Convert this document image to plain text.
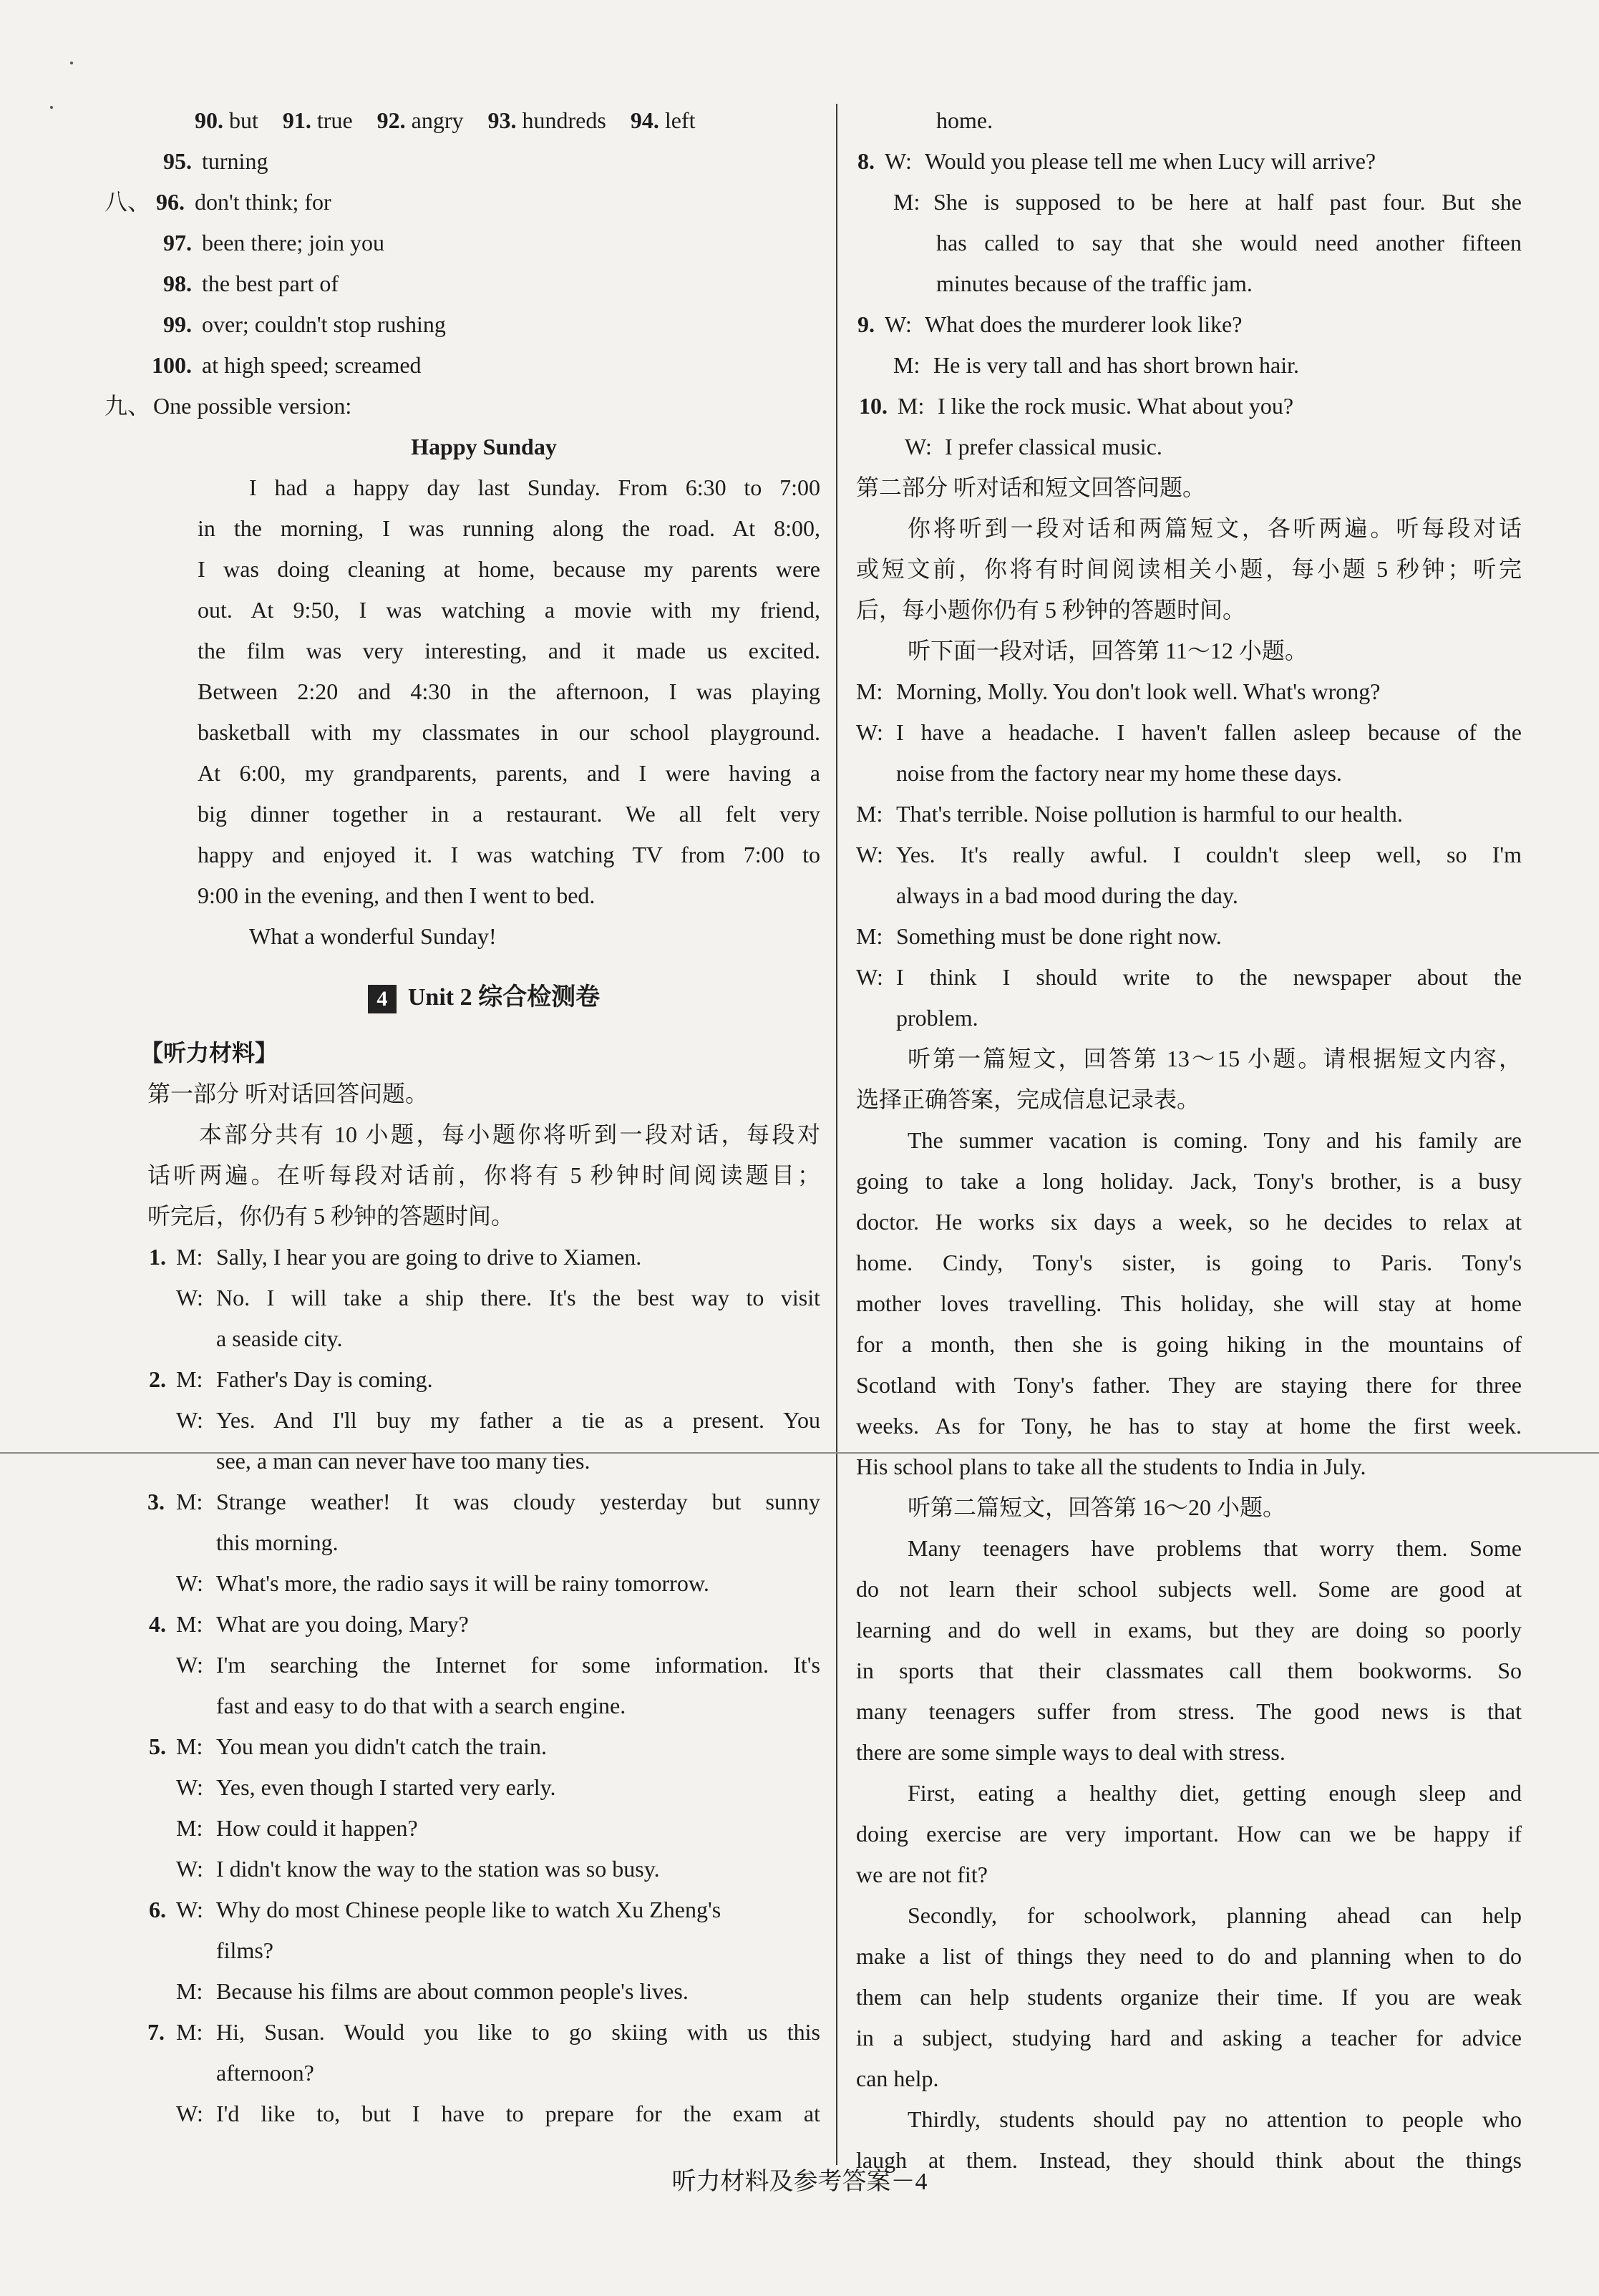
90. but 91. true 92. angry 93. hundreds 94. left
95. turning
八、 96. don't think; for
97. been there; join you
98. the best part of
99. over; couldn't stop rushing
100. at high speed; screamed
九、 One possible version:
Happy Sunday
I had a happy day last Sunday. From 6:30 to 7:00
in the morning, I was running along the road. At 8:00,
I was doing cleaning at home, because my parents were
out. At 9:50, I was watching a movie with my friend,
the film was very interesting, and it made us excited.
Between 2:20 and 4:30 in the afternoon, I was playing
basketball with my classmates in our school playground.
At 6:00, my grandparents, parents, and I were having a
big dinner together in a restaurant. We all felt very
happy and enjoyed it. I was watching TV from 7:00 to
9:00 in the evening, and then I went to bed.
What a wonderful Sunday!
4 Unit 2 综合检测卷
【听力材料】
第一部分 听对话回答问题。
本部分共有 10 小题，每小题你将听到一段对话，每段对
话听两遍。在听每段对话前，你将有 5 秒钟时间阅读题目；
听完后，你仍有 5 秒钟的答题时间。
1. M: Sally, I hear you are going to drive to Xiamen.
W: No. I will take a ship there. It's the best way to visit
a seaside city.
2. M: Father's Day is coming.
W: Yes. And I'll buy my father a tie as a present. You
see, a man can never have too many ties.
3. M: Strange weather! It was cloudy yesterday but sunny
this morning.
W: What's more, the radio says it will be rainy tomorrow.
4. M: What are you doing, Mary?
W: I'm searching the Internet for some information. It's
fast and easy to do that with a search engine.
5. M: You mean you didn't catch the train.
W: Yes, even though I started very early.
M: How could it happen?
W: I didn't know the way to the station was so busy.
6. W: Why do most Chinese people like to watch Xu Zheng's
films?
M: Because his films are about common people's lives.
7. M: Hi, Susan. Would you like to go skiing with us this
afternoon?
W: I'd like to, but I have to prepare for the exam at
home.
8. W: Would you please tell me when Lucy will arrive?
M: She is supposed to be here at half past four. But she
has called to say that she would need another fifteen
minutes because of the traffic jam.
9. W: What does the murderer look like?
M: He is very tall and has short brown hair.
10. M: I like the rock music. What about you?
W: I prefer classical music.
第二部分 听对话和短文回答问题。
你将听到一段对话和两篇短文，各听两遍。听每段对话
或短文前，你将有时间阅读相关小题，每小题 5 秒钟；听完
后，每小题你仍有 5 秒钟的答题时间。
听下面一段对话，回答第 11～12 小题。
M: Morning, Molly. You don't look well. What's wrong?
W: I have a headache. I haven't fallen asleep because of the
noise from the factory near my home these days.
M: That's terrible. Noise pollution is harmful to our health.
W: Yes. It's really awful. I couldn't sleep well, so I'm
always in a bad mood during the day.
M: Something must be done right now.
W: I think I should write to the newspaper about the
problem.
听第一篇短文，回答第 13～15 小题。请根据短文内容，
选择正确答案，完成信息记录表。
The summer vacation is coming. Tony and his family are
going to take a long holiday. Jack, Tony's brother, is a busy
doctor. He works six days a week, so he decides to relax at
home. Cindy, Tony's sister, is going to Paris. Tony's
mother loves travelling. This holiday, she will stay at home
for a month, then she is going hiking in the mountains of
Scotland with Tony's father. They are staying there for three
weeks. As for Tony, he has to stay at home the first week.
His school plans to take all the students to India in July.
听第二篇短文，回答第 16～20 小题。
Many teenagers have problems that worry them. Some
do not learn their school subjects well. Some are good at
learning and do well in exams, but they are doing so poorly
in sports that their classmates call them bookworms. So
many teenagers suffer from stress. The good news is that
there are some simple ways to deal with stress.
First, eating a healthy diet, getting enough sleep and
doing exercise are very important. How can we be happy if
we are not fit?
Secondly, for schoolwork, planning ahead can help
make a list of things they need to do and planning when to do
them can help students organize their time. If you are weak
in a subject, studying hard and asking a teacher for advice
can help.
Thirdly, students should pay no attention to people who
laugh at them. Instead, they should think about the things
听力材料及参考答案－4
